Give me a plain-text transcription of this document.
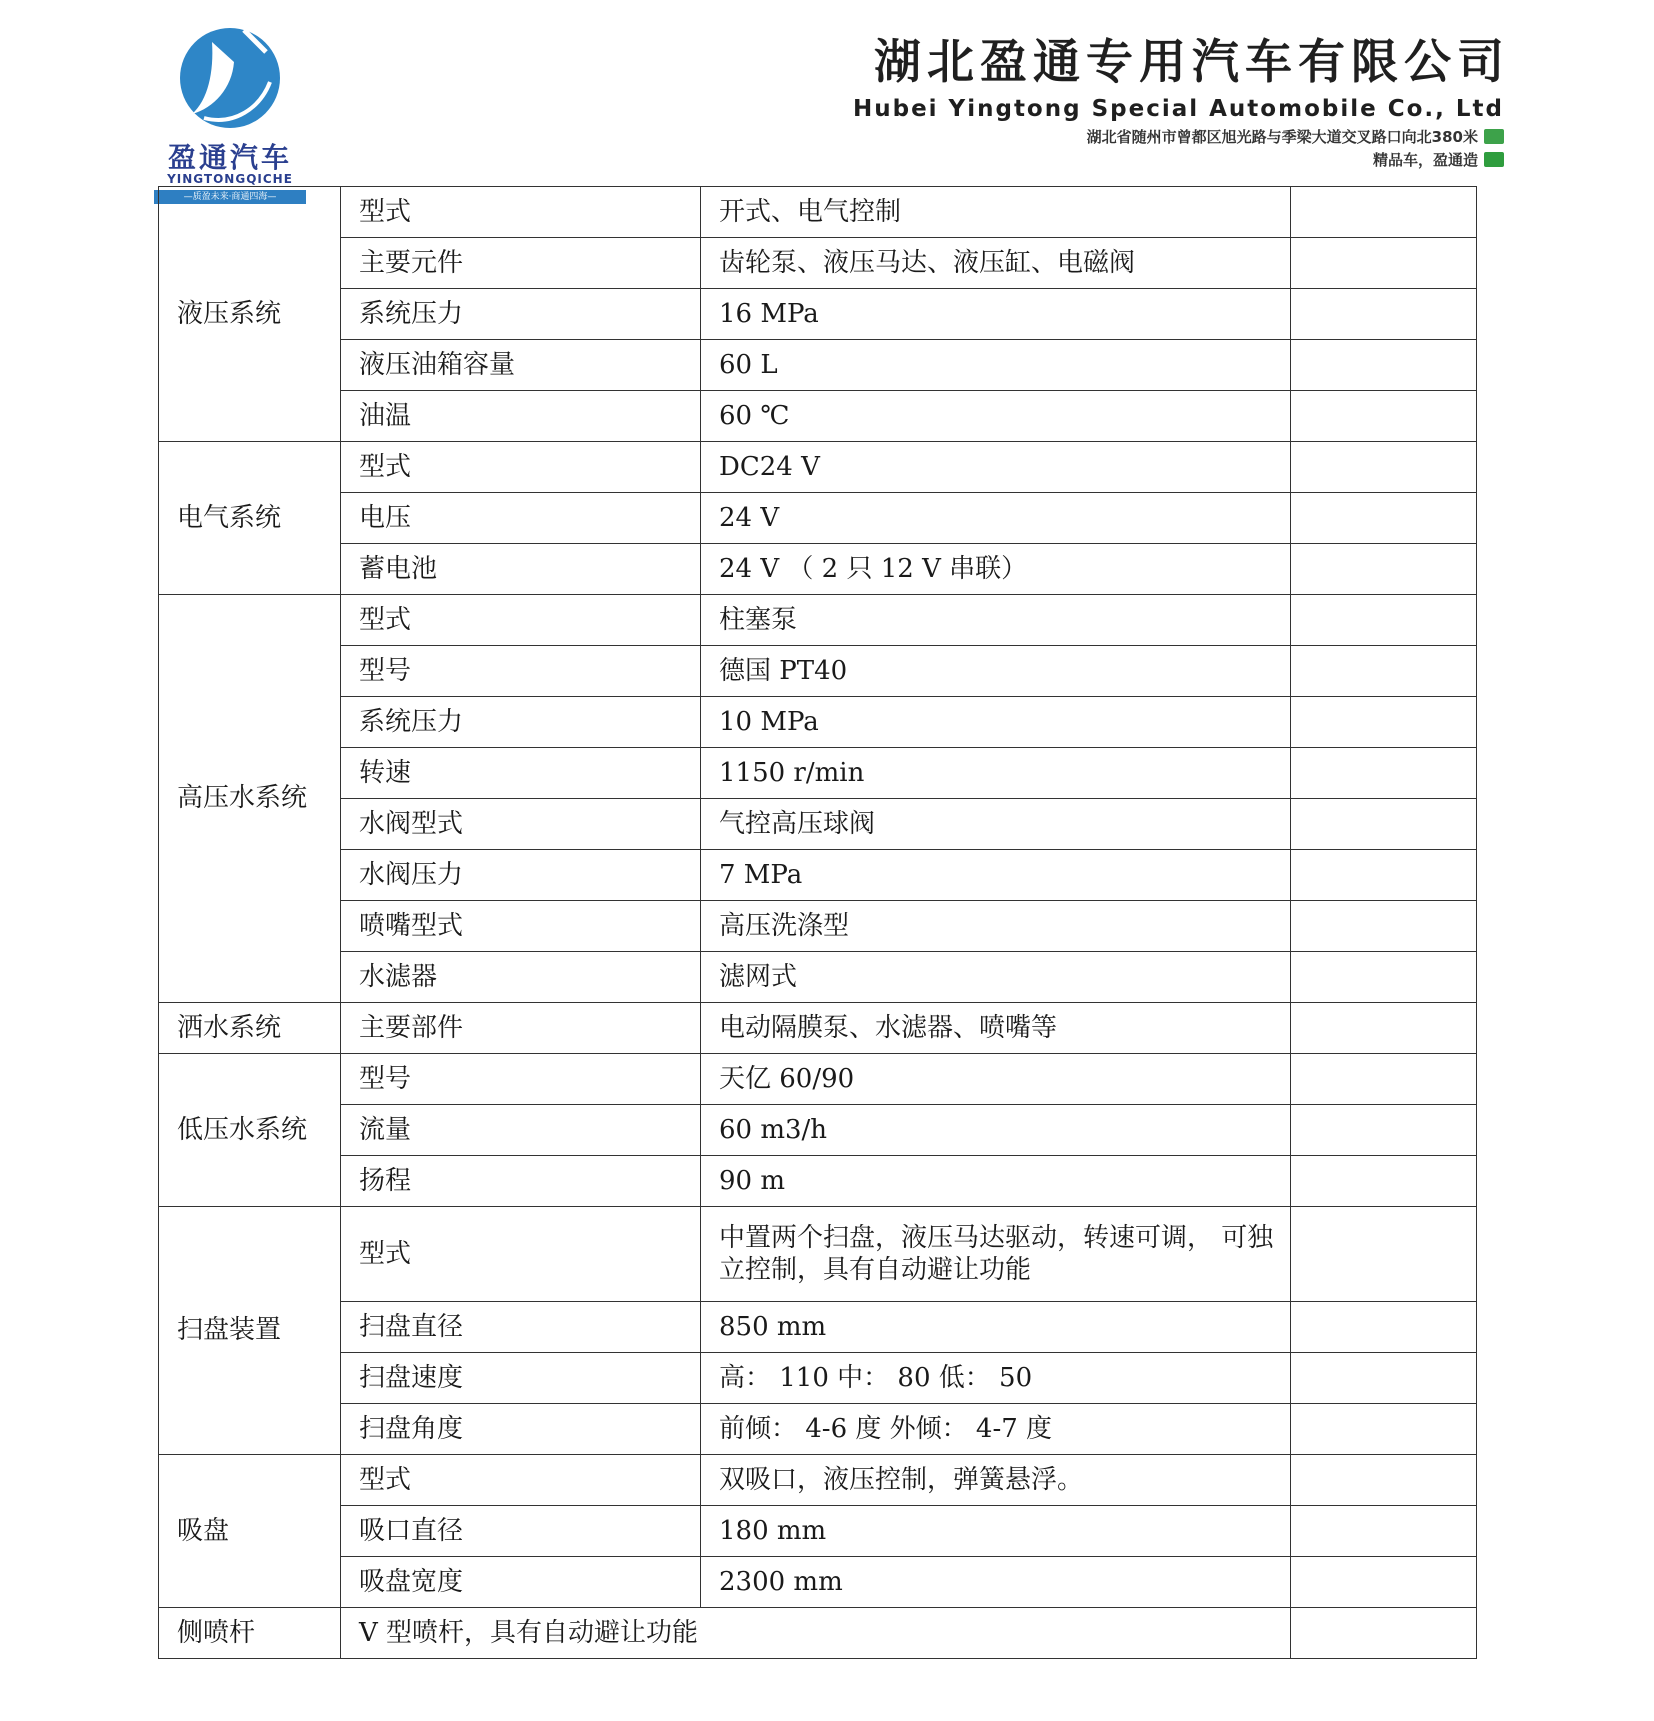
盈通汽车
YINGTONGQICHE
—质盈未来·商通四海—
湖北盈通专用汽车有限公司
Hubei Yingtong Special Automobile Co., Ltd
湖北省随州市曾都区旭光路与季梁大道交叉路口向北380米
精品车，盈通造
液压系统	型式	开式、电气控制	
	主要元件	齿轮泵、液压马达、液压缸、电磁阀	
	系统压力	16 MPa	
	液压油箱容量	60 L	
	油温	60 ℃	
电气系统	型式	DC24 V	
	电压	24 V	
	蓄电池	24 V （ 2 只 12 V 串联）	
高压水系统	型式	柱塞泵	
	型号	德国 PT40	
	系统压力	10 MPa	
	转速	1150 r/min	
	水阀型式	气控高压球阀	
	水阀压力	7 MPa	
	喷嘴型式	高压洗涤型	
	水滤器	滤网式	
洒水系统	主要部件	电动隔膜泵、水滤器、喷嘴等	
低压水系统	型号	天亿 60/90	
	流量	60 m3/h	
	扬程	90 m	
扫盘装置	型式	中置两个扫盘，液压马达驱动，转速可调， 可独立控制，具有自动避让功能	
	扫盘直径	850 mm	
	扫盘速度	高： 110 中： 80 低： 50	
	扫盘角度	前倾： 4-6 度 外倾： 4-7 度	
吸盘	型式	双吸口，液压控制，弹簧悬浮。	
	吸口直径	180 mm	
	吸盘宽度	2300 mm	
侧喷杆	V 型喷杆，具有自动避让功能		
